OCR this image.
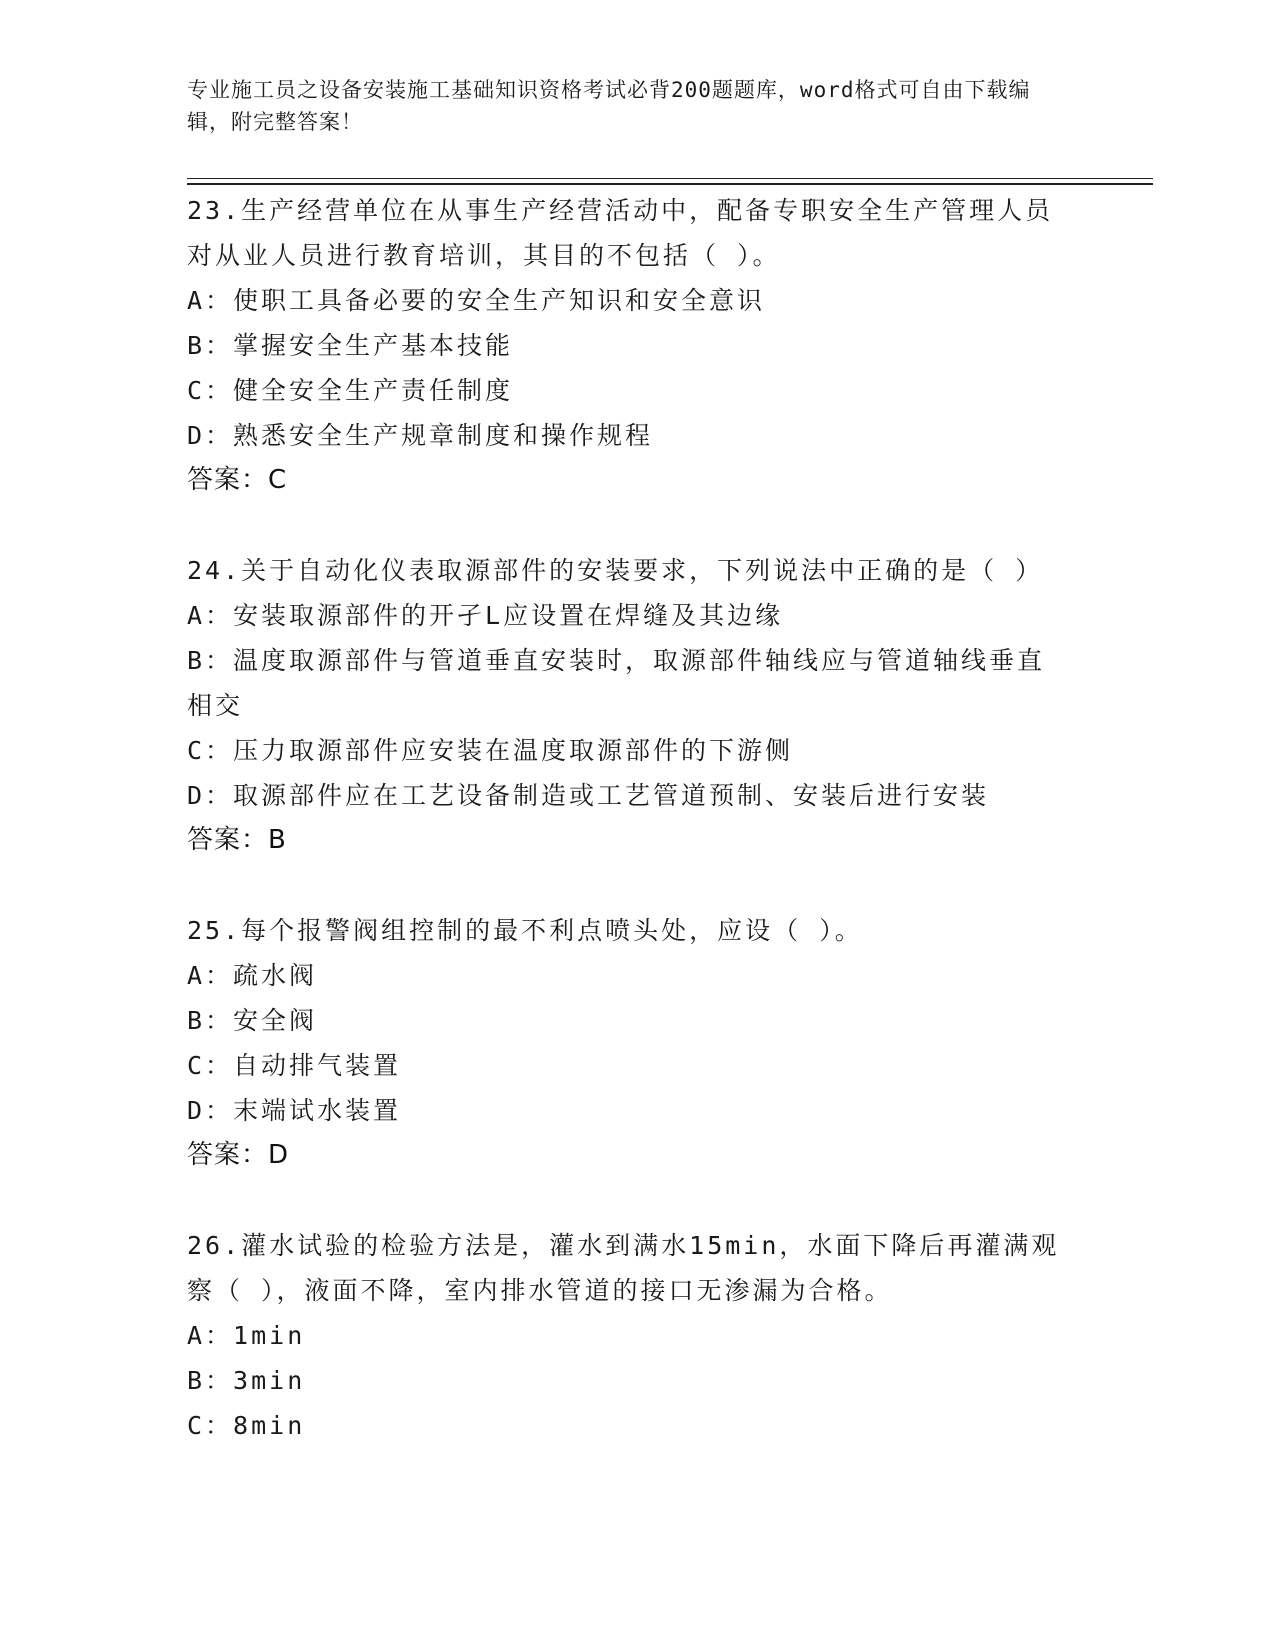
专业施工员之设备安装施工基础知识资格考试必背200题题库，word格式可自由下载编辑，附完整答案！
23.生产经营单位在从事生产经营活动中，配备专职安全生产管理人员对从业人员进行教育培训，其目的不包括（ ）。
A：使职工具备必要的安全生产知识和安全意识
B：掌握安全生产基本技能
C：健全安全生产责任制度
D：熟悉安全生产规章制度和操作规程
答案：C
24.关于自动化仪表取源部件的安装要求，下列说法中正确的是（ ）
A：安装取源部件的开孑L应设置在焊缝及其边缘
B：温度取源部件与管道垂直安装时，取源部件轴线应与管道轴线垂直相交
C：压力取源部件应安装在温度取源部件的下游侧
D：取源部件应在工艺设备制造或工艺管道预制、安装后进行安装
答案：B
25.每个报警阀组控制的最不利点喷头处，应设（ ）。
A：疏水阀
B：安全阀
C：自动排气装置
D：末端试水装置
答案：D
26.灌水试验的检验方法是，灌水到满水15min，水面下降后再灌满观察（ ），液面不降，室内排水管道的接口无渗漏为合格。
A：1min
B：3min
C：8min
